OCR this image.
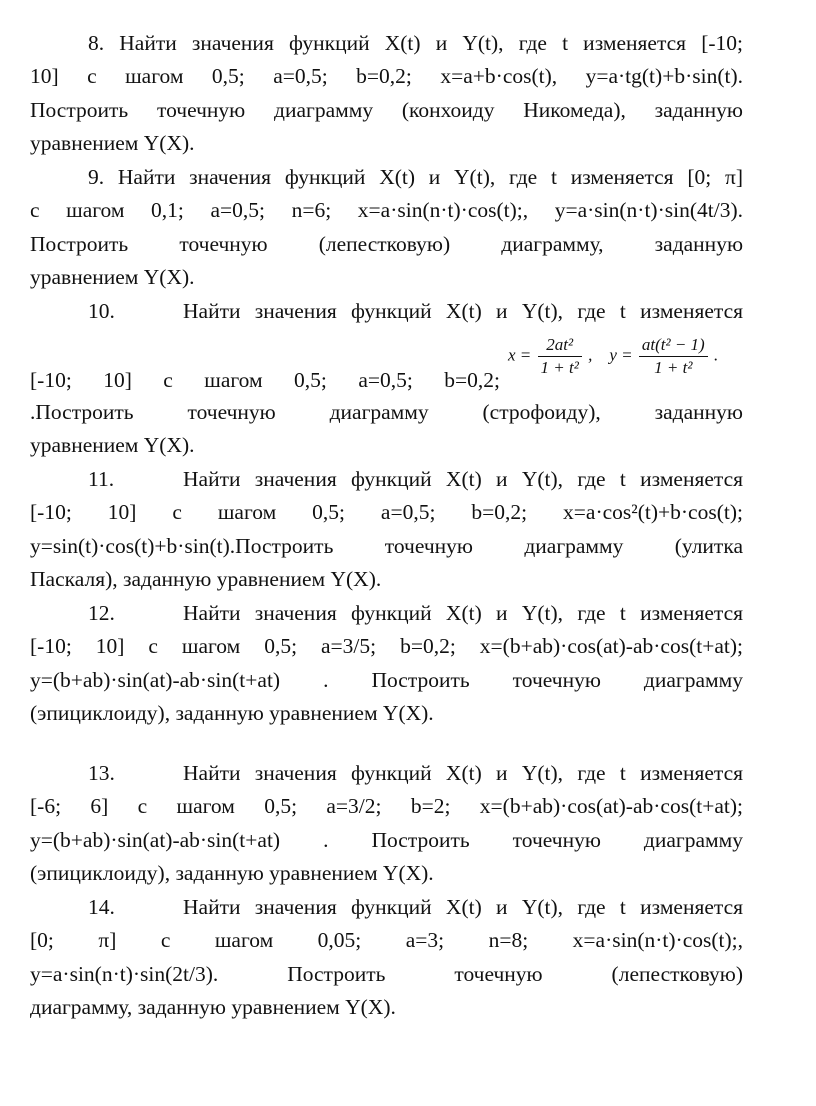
8. Найти значения функций X(t) и Y(t), где t изменяется [-10;
10] с шагом 0,5; a=0,5; b=0,2; x=a+b·cos(t), y=a·tg(t)+b·sin(t).
Построить точечную диаграмму (конхоиду Никомеда), заданную
уравнением Y(X).
9. Найти значения функций X(t) и Y(t), где t изменяется [0; π]
с шагом 0,1; a=0,5; n=6; x=a·sin(n·t)·cos(t);, y=a·sin(n·t)·sin(4t/3).
Построить точечную (лепестковую) диаграмму, заданную
уравнением Y(X).
10.	Найти значения функций X(t) и Y(t), где t изменяется
[-10; 10] с шагом 0,5; a=0,5; b=0,2;
$x = \frac{\text{2at²}}{\text{1 + t²}}$ , $y = \frac{\text{at(t² − 1)}}{\text{1 + t²}}$ .
.Построить точечную диаграмму (строфоиду), заданную
уравнением Y(X).
11.	Найти значения функций X(t) и Y(t), где t изменяется
[-10; 10] с шагом 0,5; a=0,5; b=0,2; x=a·cos²(t)+b·cos(t);
y=sin(t)·cos(t)+b·sin(t).Построить точечную диаграмму (улитка
Паскаля), заданную уравнением Y(X).
12.	Найти значения функций X(t) и Y(t), где t изменяется
[-10; 10] с шагом 0,5; a=3/5; b=0,2; x=(b+ab)·cos(at)-ab·cos(t+at);
y=(b+ab)·sin(at)-ab·sin(t+at) . Построить точечную диаграмму
(эпициклоиду), заданную уравнением Y(X).
13.	Найти значения функций X(t) и Y(t), где t изменяется
[-6; 6] с шагом 0,5; a=3/2; b=2; x=(b+ab)·cos(at)-ab·cos(t+at);
y=(b+ab)·sin(at)-ab·sin(t+at) . Построить точечную диаграмму
(эпициклоиду), заданную уравнением Y(X).
14.	Найти значения функций X(t) и Y(t), где t изменяется
[0; π] с шагом 0,05; a=3; n=8; x=a·sin(n·t)·cos(t);,
y=a·sin(n·t)·sin(2t/3). Построить точечную (лепестковую)
диаграмму, заданную уравнением Y(X).
